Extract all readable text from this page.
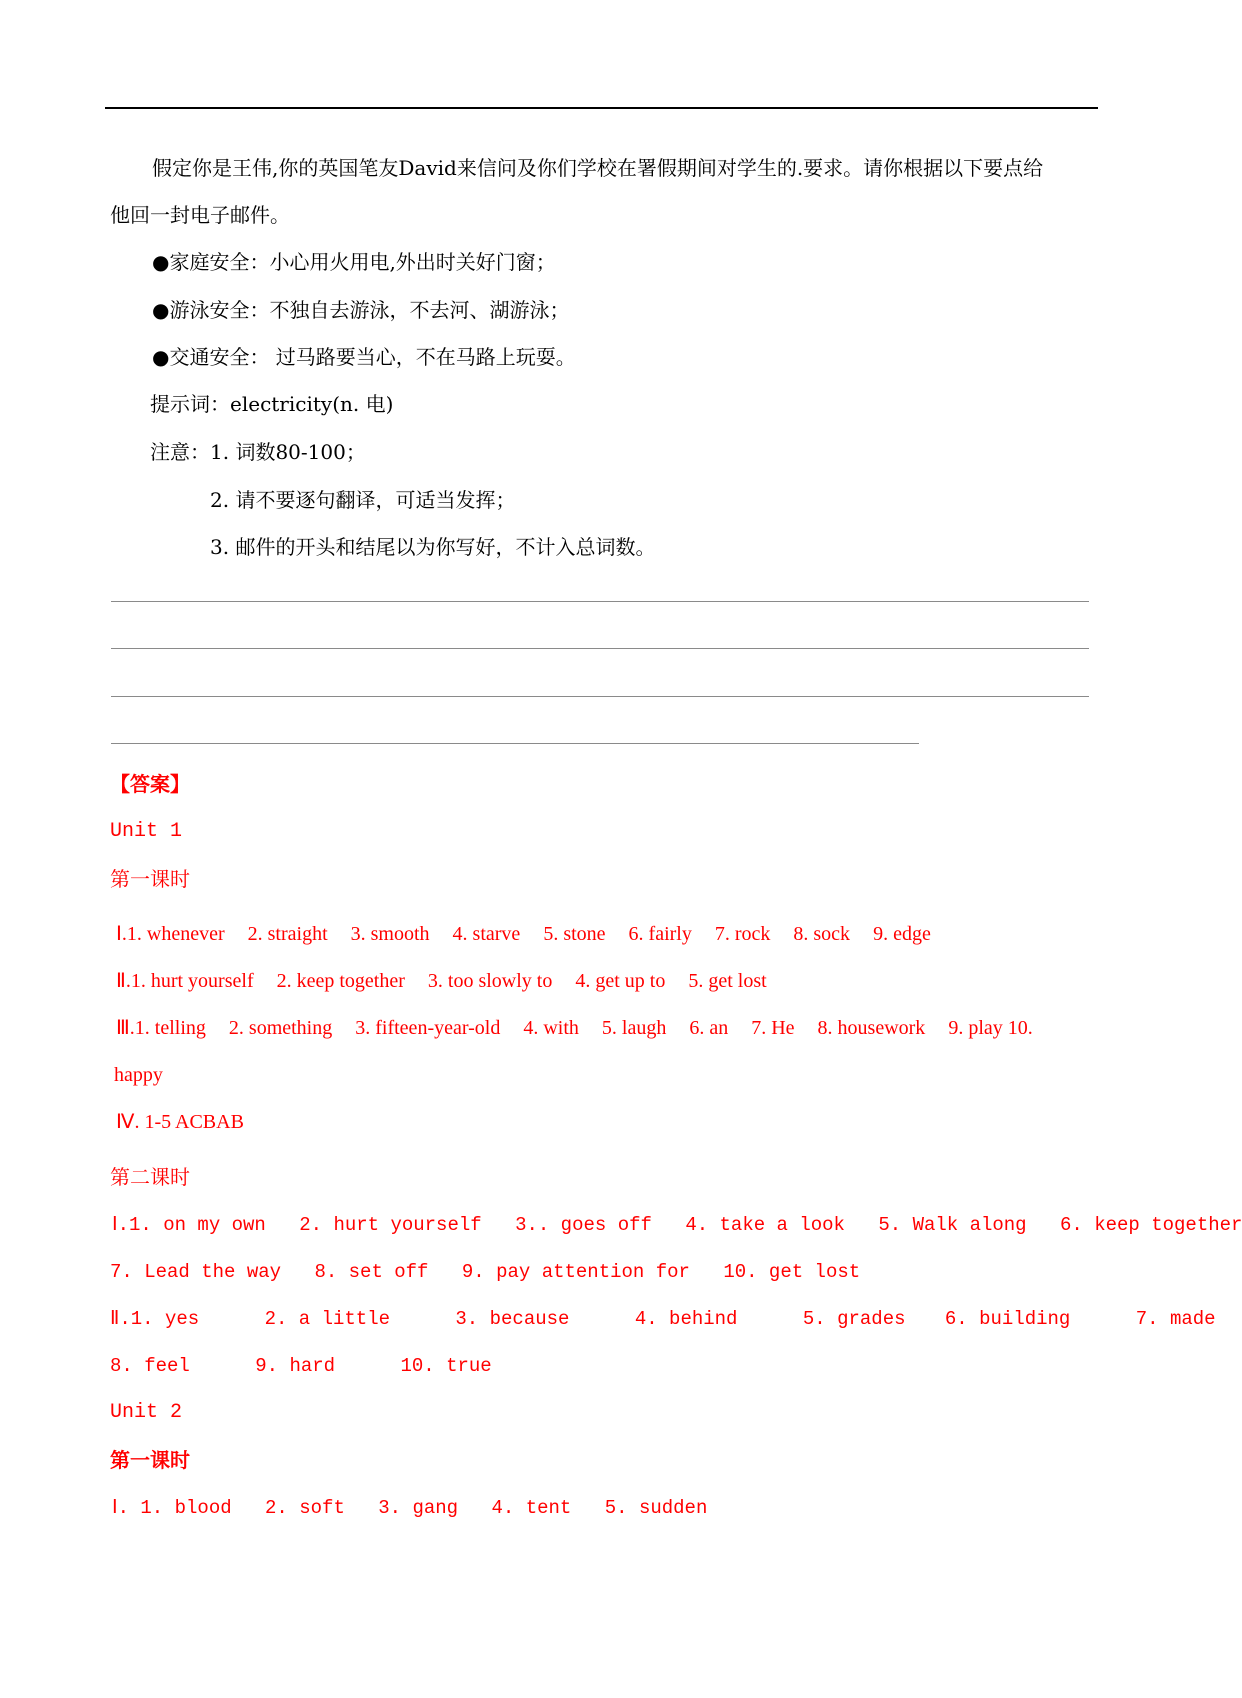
假定你是王伟,你的英国笔友David来信问及你们学校在署假期间对学生的.要求。请你根据以下要点给
他回一封电子邮件。
●家庭安全：小心用火用电,外出时关好门窗；
●游泳安全：不独自去游泳，不去河、湖游泳；
●交通安全： 过马路要当心，不在马路上玩耍。
提示词：electricity(n. 电)
注意：1. 词数80-100；
2. 请不要逐句翻译，可适当发挥；
3. 邮件的开头和结尾以为你写好，不计入总词数。
【答案】
Unit 1
第一课时
Ⅰ.1. whenever 2. straight 3. smooth 4. starve 5. stone 6. fairly 7. rock 8. sock 9. edge
Ⅱ.1. hurt yourself 2. keep together 3. too slowly to 4. get up to 5. get lost
Ⅲ.1. telling 2. something 3. fifteen-year-old 4. with 5. laugh 6. an 7. He 8. housework 9. play 10.
happy
Ⅳ. 1-5 ACBAB
第二课时
Ⅰ.1. on my own 2. hurt yourself 3.. goes off 4. take a look 5. Walk along 6. keep together
7. Lead the way 8. set off 9. pay attention for 10. get lost
Ⅱ.1. yes	2. a little	3. because	4. behind	5. grades 6. building	7. made
8. feel	9. hard	10. true
Unit 2
第一课时
Ⅰ. 1. blood 2. soft 3. gang 4. tent 5. sudden
